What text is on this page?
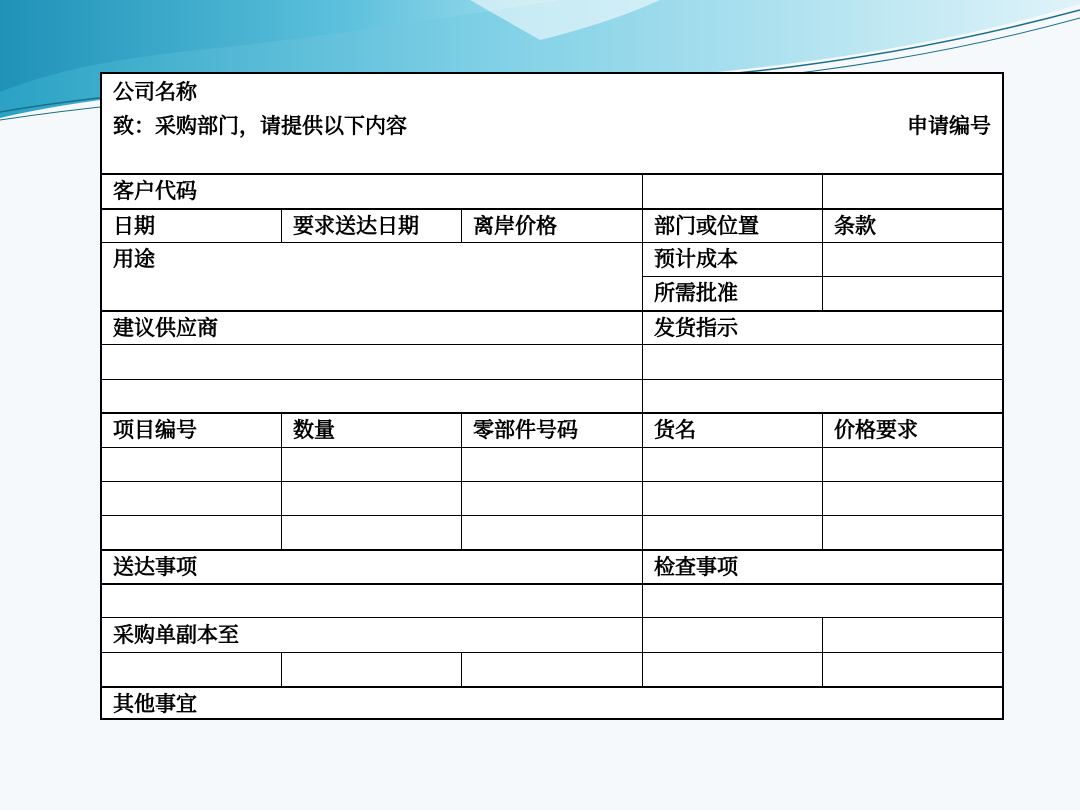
公司名称
致：采购部门，请提供以下内容	申请编号
客户代码
日期	要求送达日期	离岸价格	部门或位置	条款
用途	预计成本
所需批准
建议供应商	发货指示
项目编号	数量	零部件号码	货名	价格要求
送达事项	检查事项
采购单副本至
其他事宜
